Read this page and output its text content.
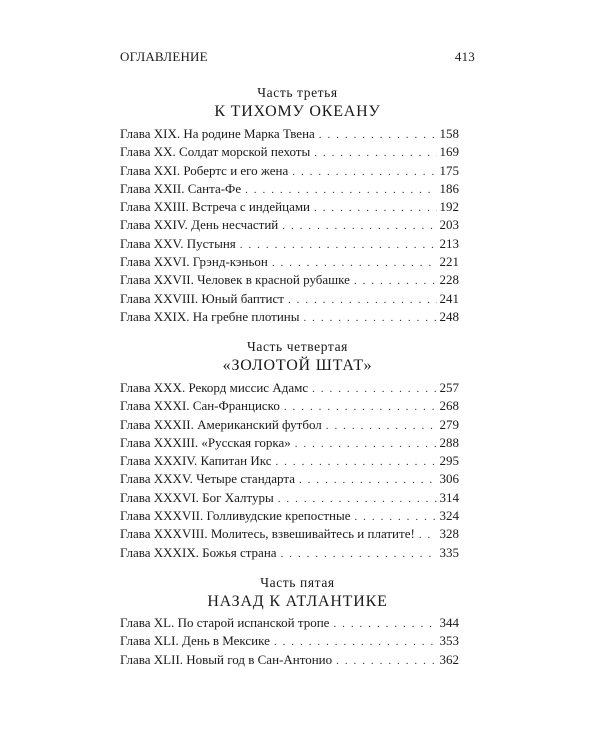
ОГЛАВЛЕНИЕ	413
Часть третья
К ТИХОМУ ОКЕАНУ
Глава XIX. На родине Марка Твена . . .	158
Глава XX. Солдат морской пехоты . . .	169
Глава XXI. Робертс и его жена . . .	175
Глава XXII. Санта-Фе . . .	186
Глава XXIII. Встреча с индейцами . . .	192
Глава XXIV. День несчастий . . .	203
Глава XXV. Пустыня . . .	213
Глава XXVI. Грэнд-кэньон . . .	221
Глава XXVII. Человек в красной рубашке . . .	228
Глава XXVIII. Юный баптист . . .	241
Глава XXIX. На гребне плотины . . .	248
Часть четвертая
«ЗОЛОТОЙ ШТАТ»
Глава XXX. Рекорд миссис Адамс . . .	257
Глава XXXI. Сан-Франциско . . .	268
Глава XXXII. Американский футбол . . .	279
Глава XXXIII. «Русская горка» . . .	288
Глава XXXIV. Капитан Икс . . .	295
Глава XXXV. Четыре стандарта . . .	306
Глава XXXVI. Бог Халтуры . . .	314
Глава XXXVII. Голливудские крепостные . . .	324
Глава XXXVIII. Молитесь, взвешивайтесь и платите! . . .	328
Глава XXXIX. Божья страна . . .	335
Часть пятая
НАЗАД К АТЛАНТИКЕ
Глава XL. По старой испанской тропе . . .	344
Глава XLI. День в Мексике . . .	353
Глава XLII. Новый год в Сан-Антонио . . .	362
